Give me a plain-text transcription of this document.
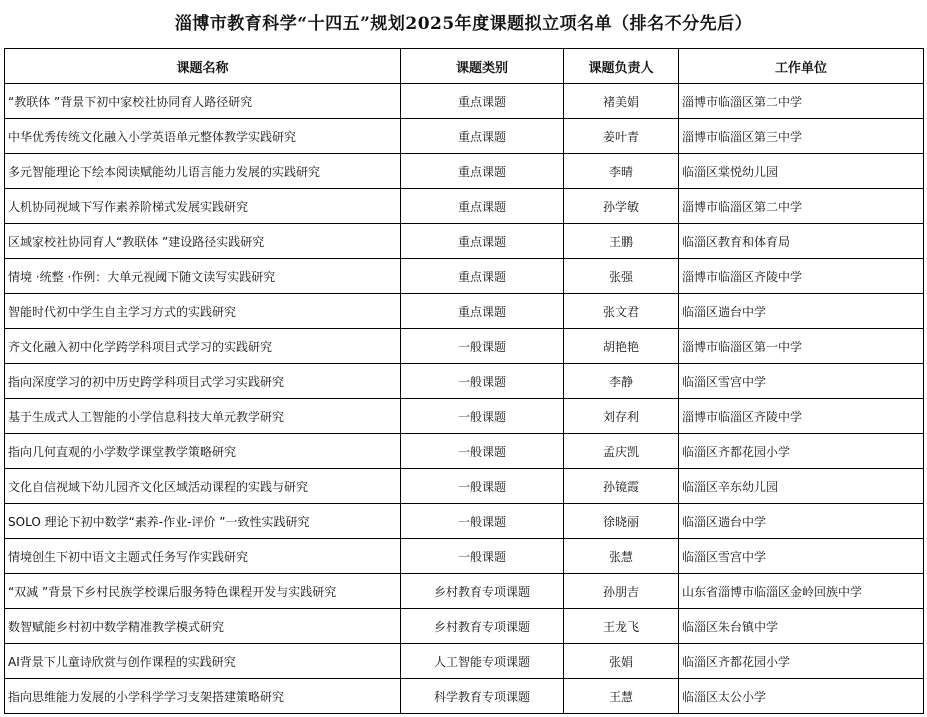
淄博市教育科学“十四五”规划2025年度课题拟立项名单（排名不分先后）
课题名称	课题类别	课题负责人	工作单位
“教联体 ”背景下初中家校社协同育人路径研究	重点课题	褚美娟	淄博市临淄区第二中学
中华优秀传统文化融入小学英语单元整体教学实践研究	重点课题	姜叶青	淄博市临淄区第三中学
多元智能理论下绘本阅读赋能幼儿语言能力发展的实践研究	重点课题	李晴	临淄区棠悦幼儿园
人机协同视域下写作素养阶梯式发展实践研究	重点课题	孙学敏	淄博市临淄区第二中学
区域家校社协同育人“教联体 ”建设路径实践研究	重点课题	王鹏	临淄区教育和体育局
情境 ·统整 ·作例：大单元视阈下随文读写实践研究	重点课题	张强	淄博市临淄区齐陵中学
智能时代初中学生自主学习方式的实践研究	重点课题	张文君	临淄区遄台中学
齐文化融入初中化学跨学科项目式学习的实践研究	一般课题	胡艳艳	淄博市临淄区第一中学
指向深度学习的初中历史跨学科项目式学习实践研究	一般课题	李静	临淄区雪宫中学
基于生成式人工智能的小学信息科技大单元教学研究	一般课题	刘存利	淄博市临淄区齐陵中学
指向几何直观的小学数学课堂教学策略研究	一般课题	孟庆凯	临淄区齐都花园小学
文化自信视域下幼儿园齐文化区域活动课程的实践与研究	一般课题	孙镜霞	临淄区辛东幼儿园
SOLO 理论下初中数学“素养-作业-评价 ”一致性实践研究	一般课题	徐晓丽	临淄区遄台中学
情境创生下初中语文主题式任务写作实践研究	一般课题	张慧	临淄区雪宫中学
“双减 ”背景下乡村民族学校课后服务特色课程开发与实践研究	乡村教育专项课题	孙朋吉	山东省淄博市临淄区金岭回族中学
数智赋能乡村初中数学精准教学模式研究	乡村教育专项课题	王龙飞	临淄区朱台镇中学
AI背景下儿童诗欣赏与创作课程的实践研究	人工智能专项课题	张娟	临淄区齐都花园小学
指向思维能力发展的小学科学学习支架搭建策略研究	科学教育专项课题	王慧	临淄区太公小学
